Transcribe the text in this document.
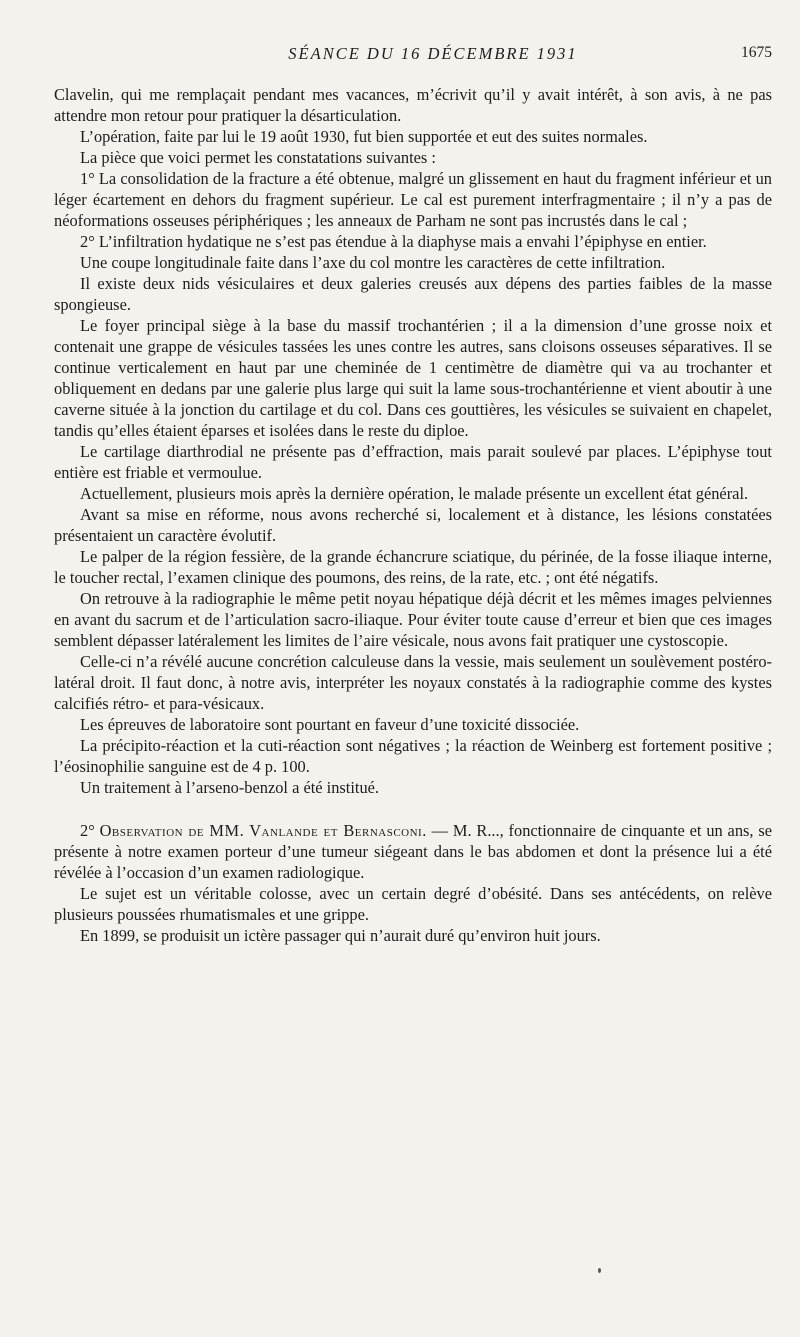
SÉANCE DU 16 DÉCEMBRE 1931	1675

Clavelin, qui me remplaçait pendant mes vacances, m’écrivit qu’il y avait intérêt, à son avis, à ne pas attendre mon retour pour pratiquer la désarticulation.

L’opération, faite par lui le 19 août 1930, fut bien supportée et eut des suites normales.

La pièce que voici permet les constatations suivantes :

1° La consolidation de la fracture a été obtenue, malgré un glissement en haut du fragment inférieur et un léger écartement en dehors du fragment supérieur. Le cal est purement interfragmentaire ; il n’y a pas de néoformations osseuses périphériques ; les anneaux de Parham ne sont pas incrustés dans le cal ;

2° L’infiltration hydatique ne s’est pas étendue à la diaphyse mais a envahi l’épiphyse en entier.

Une coupe longitudinale faite dans l’axe du col montre les caractères de cette infiltration.

Il existe deux nids vésiculaires et deux galeries creusés aux dépens des parties faibles de la masse spongieuse.

Le foyer principal siège à la base du massif trochantérien ; il a la dimension d’une grosse noix et contenait une grappe de vésicules tassées les unes contre les autres, sans cloisons osseuses séparatives. Il se continue verticalement en haut par une cheminée de 1 centimètre de diamètre qui va au trochanter et obliquement en dedans par une galerie plus large qui suit la lame sous-trochantérienne et vient aboutir à une caverne située à la jonction du cartilage et du col. Dans ces gouttières, les vésicules se suivaient en chapelet, tandis qu’elles étaient éparses et isolées dans le reste du diploe.

Le cartilage diarthrodial ne présente pas d’effraction, mais parait soulevé par places. L’épiphyse tout entière est friable et vermoulue.

Actuellement, plusieurs mois après la dernière opération, le malade présente un excellent état général.

Avant sa mise en réforme, nous avons recherché si, localement et à distance, les lésions constatées présentaient un caractère évolutif.

Le palper de la région fessière, de la grande échancrure sciatique, du périnée, de la fosse iliaque interne, le toucher rectal, l’examen clinique des poumons, des reins, de la rate, etc. ; ont été négatifs.

On retrouve à la radiographie le même petit noyau hépatique déjà décrit et les mêmes images pelviennes en avant du sacrum et de l’articulation sacro-iliaque. Pour éviter toute cause d’erreur et bien que ces images semblent dépasser latéralement les limites de l’aire vésicale, nous avons fait pratiquer une cystoscopie.

Celle-ci n’a révélé aucune concrétion calculeuse dans la vessie, mais seulement un soulèvement postéro-latéral droit. Il faut donc, à notre avis, interpréter les noyaux constatés à la radiographie comme des kystes calcifiés rétro- et para-vésicaux.

Les épreuves de laboratoire sont pourtant en faveur d’une toxicité dissociée.

La précipito-réaction et la cuti-réaction sont négatives ; la réaction de Weinberg est fortement positive ; l’éosinophilie sanguine est de 4 p. 100.

Un traitement à l’arseno-benzol a été institué.

2° Observation de MM. Vanlande et Bernasconi. — M. R..., fonctionnaire de cinquante et un ans, se présente à notre examen porteur d’une tumeur siégeant dans le bas abdomen et dont la présence lui a été révélée à l’occasion d’un examen radiologique.

Le sujet est un véritable colosse, avec un certain degré d’obésité. Dans ses antécédents, on relève plusieurs poussées rhumatismales et une grippe.

En 1899, se produisit un ictère passager qui n’aurait duré qu’environ huit jours.
